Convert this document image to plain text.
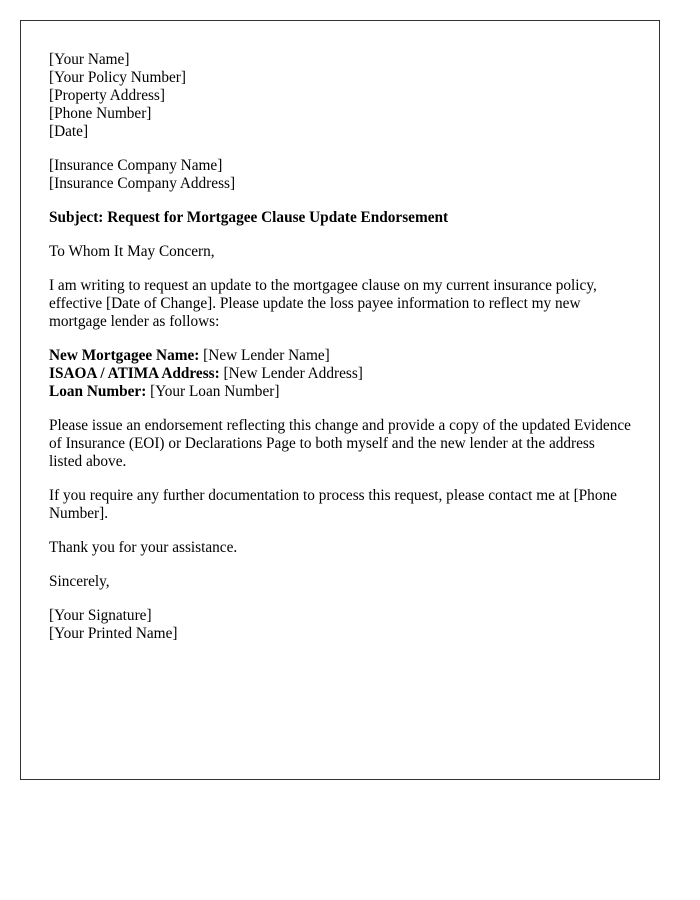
[Your Name]
[Your Policy Number]
[Property Address]
[Phone Number]
[Date]
[Insurance Company Name]
[Insurance Company Address]

Subject: Request for Mortgagee Clause Update Endorsement

To Whom It May Concern,

I am writing to request an update to the mortgagee clause on my current insurance policy, effective [Date of Change]. Please update the loss payee information to reflect my new mortgage lender as follows:

New Mortgagee Name: [New Lender Name]
ISAOA / ATIMA Address: [New Lender Address]
Loan Number: [Your Loan Number]

Please issue an endorsement reflecting this change and provide a copy of the updated Evidence of Insurance (EOI) or Declarations Page to both myself and the new lender at the address listed above.

If you require any further documentation to process this request, please contact me at [Phone Number].

Thank you for your assistance.

Sincerely,

[Your Signature]
[Your Printed Name]
